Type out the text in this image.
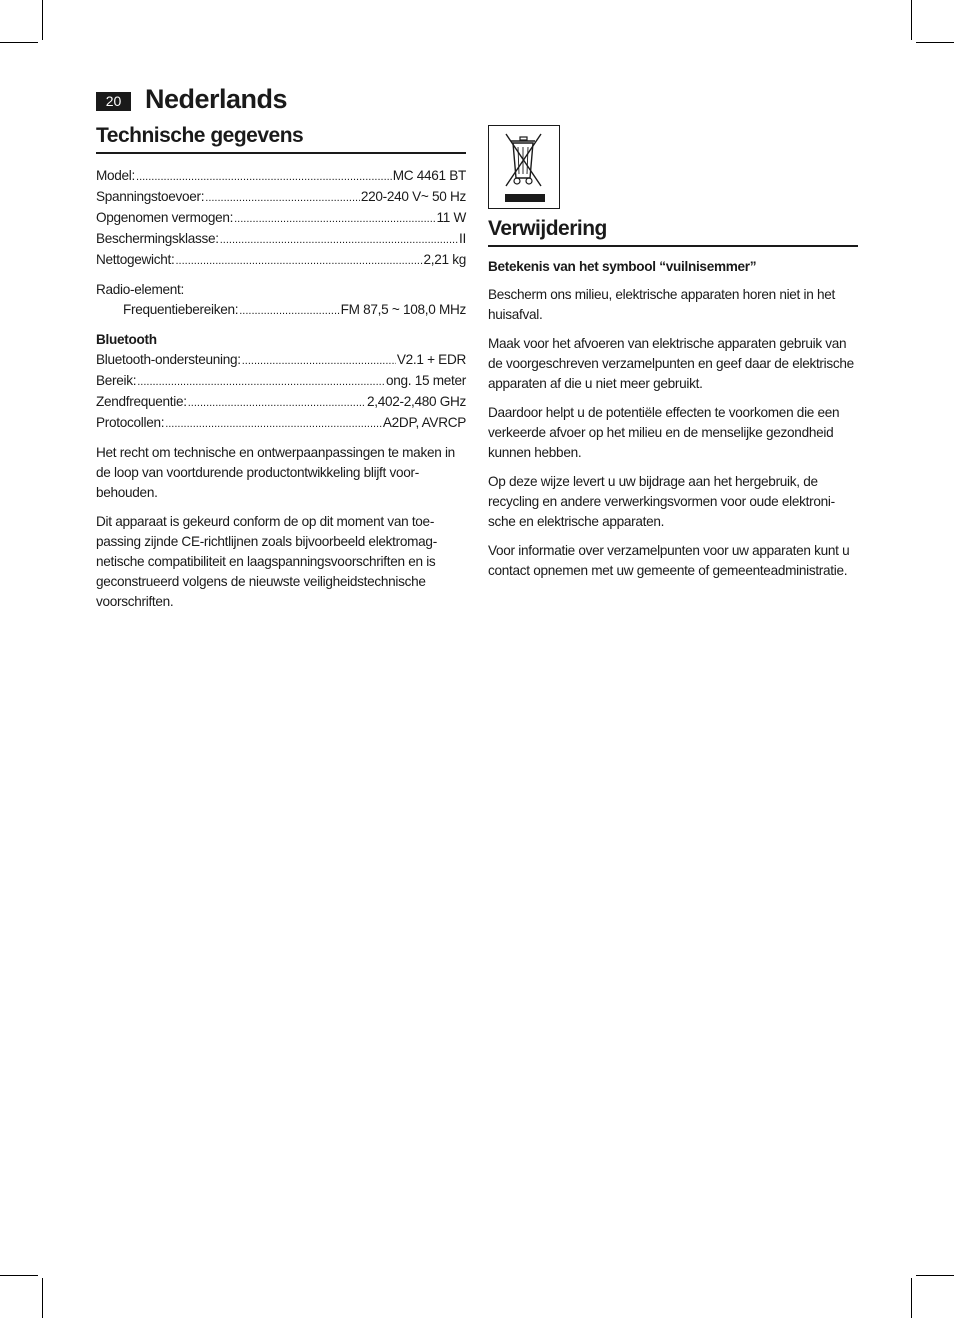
20 Nederlands
Technische gegevens
Model: .....	MC 4461 BT
Spanningstoevoer: .....	220-240 V~ 50 Hz
Opgenomen vermogen: .....	11 W
Beschermingsklasse: .....	II
Nettogewicht: .....	2,21 kg
Radio-element:
Frequentiebereiken: .....	FM 87,5 ~ 108,0 MHz
Bluetooth
Bluetooth-ondersteuning: .....	V2.1 + EDR
Bereik: .....	ong. 15 meter
Zendfrequentie: .....	2,402-2,480 GHz
Protocollen: .....	A2DP, AVRCP

Het recht om technische en ontwerpaanpassingen te maken in de loop van voortdurende productontwikkeling blijft voorbehouden.

Dit apparaat is gekeurd conform de op dit moment van toepassing zijnde CE-richtlijnen zoals bijvoorbeeld elektromagnetische compatibiliteit en laagspanningsvoorschriften en is geconstrueerd volgens de nieuwste veiligheidstechnische voorschriften.

Verwijdering
Betekenis van het symbool “vuilnisemmer”

Bescherm ons milieu, elektrische apparaten horen niet in het huisafval.

Maak voor het afvoeren van elektrische apparaten gebruik van de voorgeschreven verzamelpunten en geef daar de elektrische apparaten af die u niet meer gebruikt.

Daardoor helpt u de potentiële effecten te voorkomen die een verkeerde afvoer op het milieu en de menselijke gezondheid kunnen hebben.

Op deze wijze levert u uw bijdrage aan het hergebruik, de recycling en andere verwerkingsvormen voor oude elektronische en elektrische apparaten.

Voor informatie over verzamelpunten voor uw apparaten kunt u contact opnemen met uw gemeente of gemeenteadministratie.
